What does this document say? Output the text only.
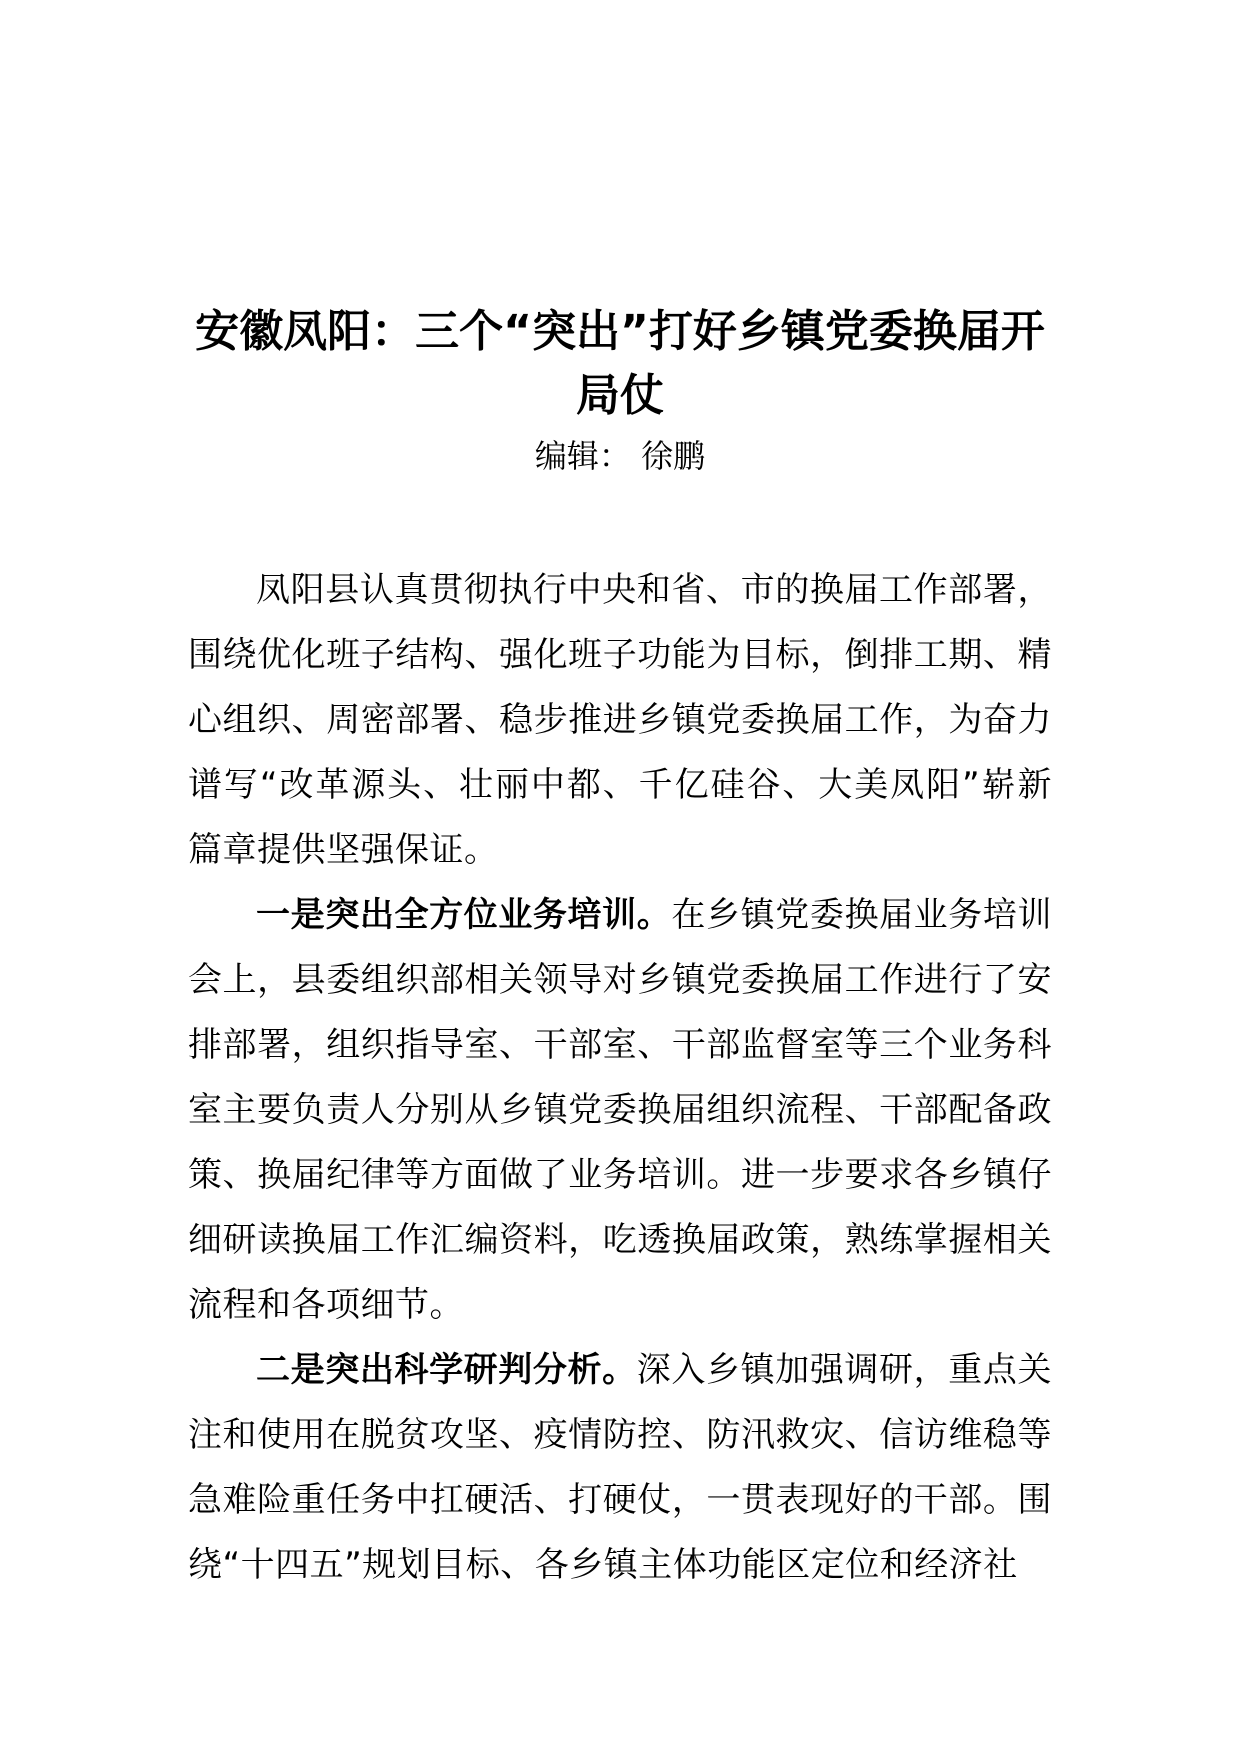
安徽凤阳：三个“突出”打好乡镇党委换届开局仗
编辑： 徐鹏

凤阳县认真贯彻执行中央和省、市的换届工作部署，围绕优化班子结构、强化班子功能为目标，倒排工期、精心组织、周密部署、稳步推进乡镇党委换届工作，为奋力谱写“改革源头、壮丽中都、千亿硅谷、大美凤阳”崭新篇章提供坚强保证。

一是突出全方位业务培训。在乡镇党委换届业务培训会上，县委组织部相关领导对乡镇党委换届工作进行了安排部署，组织指导室、干部室、干部监督室等三个业务科室主要负责人分别从乡镇党委换届组织流程、干部配备政策、换届纪律等方面做了业务培训。进一步要求各乡镇仔细研读换届工作汇编资料，吃透换届政策，熟练掌握相关流程和各项细节。

二是突出科学研判分析。深入乡镇加强调研，重点关注和使用在脱贫攻坚、疫情防控、防汛救灾、信访维稳等急难险重任务中扛硬活、打硬仗，一贯表现好的干部。围绕“十四五”规划目标、各乡镇主体功能区定位和经济社
